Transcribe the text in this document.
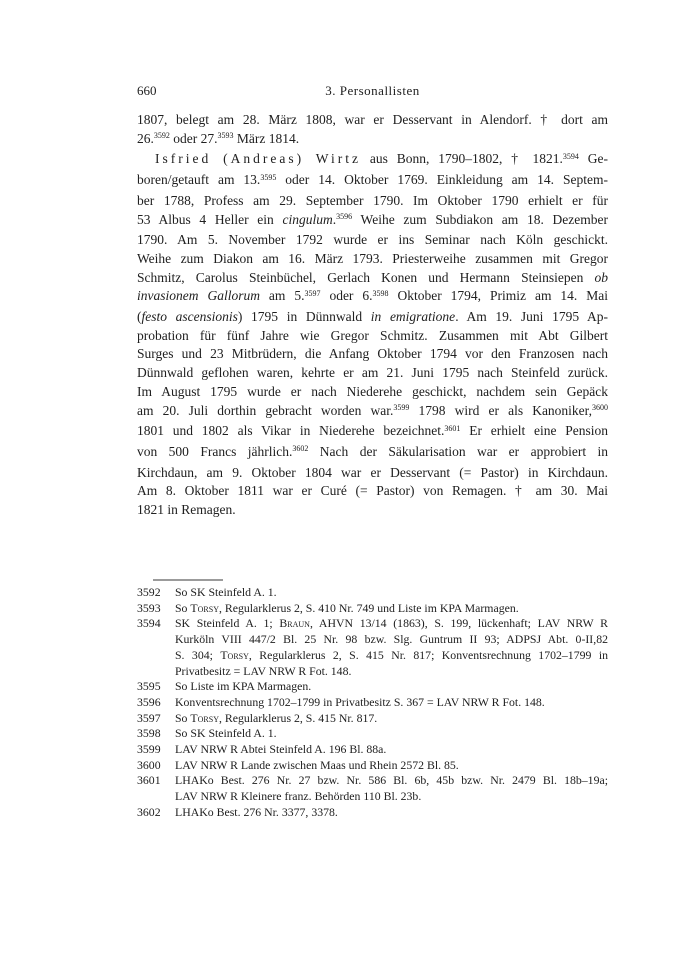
660	3. Personallisten
1807, belegt am 28. März 1808, war er Desservant in Alendorf. † dort am
26.$^{3592}$ oder 27.$^{3593}$ März 1814.
Isfried (Andreas) Wirtz aus Bonn, 1790–1802, † 1821.$^{3594}$ Ge-
boren/getauft am 13.$^{3595}$ oder 14. Oktober 1769. Einkleidung am 14. Septem-
ber 1788, Profess am 29. September 1790. Im Oktober 1790 erhielt er für
53 Albus 4 Heller ein cingulum.$^{3596}$ Weihe zum Subdiakon am 18. Dezember
1790. Am 5. November 1792 wurde er ins Seminar nach Köln geschickt.
Weihe zum Diakon am 16. März 1793. Priesterweihe zusammen mit Gregor
Schmitz, Carolus Steinbüchel, Gerlach Konen und Hermann Steinsiepen ob
invasionem Gallorum am 5.$^{3597}$ oder 6.$^{3598}$ Oktober 1794, Primiz am 14. Mai
(festo ascensionis) 1795 in Dünnwald in emigratione. Am 19. Juni 1795 Ap-
probation für fünf Jahre wie Gregor Schmitz. Zusammen mit Abt Gilbert
Surges und 23 Mitbrüdern, die Anfang Oktober 1794 vor den Franzosen nach
Dünnwald geflohen waren, kehrte er am 21. Juni 1795 nach Steinfeld zurück.
Im August 1795 wurde er nach Niederehe geschickt, nachdem sein Gepäck
am 20. Juli dorthin gebracht worden war.$^{3599}$ 1798 wird er als Kanoniker,$^{3600}$
1801 und 1802 als Vikar in Niederehe bezeichnet.$^{3601}$ Er erhielt eine Pension
von 500 Francs jährlich.$^{3602}$ Nach der Säkularisation war er approbiert in
Kirchdaun, am 9. Oktober 1804 war er Desservant (= Pastor) in Kirchdaun.
Am 8. Oktober 1811 war er Curé (= Pastor) von Remagen. † am 30. Mai
1821 in Remagen.
3592	So SK Steinfeld A. 1.
3593	So Torsy, Regularklerus 2, S. 410 Nr. 749 und Liste im KPA Marmagen.
3594	SK Steinfeld A. 1; Braun, AHVN 13/14 (1863), S. 199, lückenhaft; LAV NRW R
Kurköln VIII 447/2 Bl. 25 Nr. 98 bzw. Slg. Guntrum II 93; ADPSJ Abt. 0-II,82
S. 304; Torsy, Regularklerus 2, S. 415 Nr. 817; Konventsrechnung 1702–1799 in
Privatbesitz = LAV NRW R Fot. 148.
3595	So Liste im KPA Marmagen.
3596	Konventsrechnung 1702–1799 in Privatbesitz S. 367 = LAV NRW R Fot. 148.
3597	So Torsy, Regularklerus 2, S. 415 Nr. 817.
3598	So SK Steinfeld A. 1.
3599	LAV NRW R Abtei Steinfeld A. 196 Bl. 88a.
3600	LAV NRW R Lande zwischen Maas und Rhein 2572 Bl. 85.
3601	LHAKo Best. 276 Nr. 27 bzw. Nr. 586 Bl. 6b, 45b bzw. Nr. 2479 Bl. 18b–19a;
LAV NRW R Kleinere franz. Behörden 110 Bl. 23b.
3602	LHAKo Best. 276 Nr. 3377, 3378.
